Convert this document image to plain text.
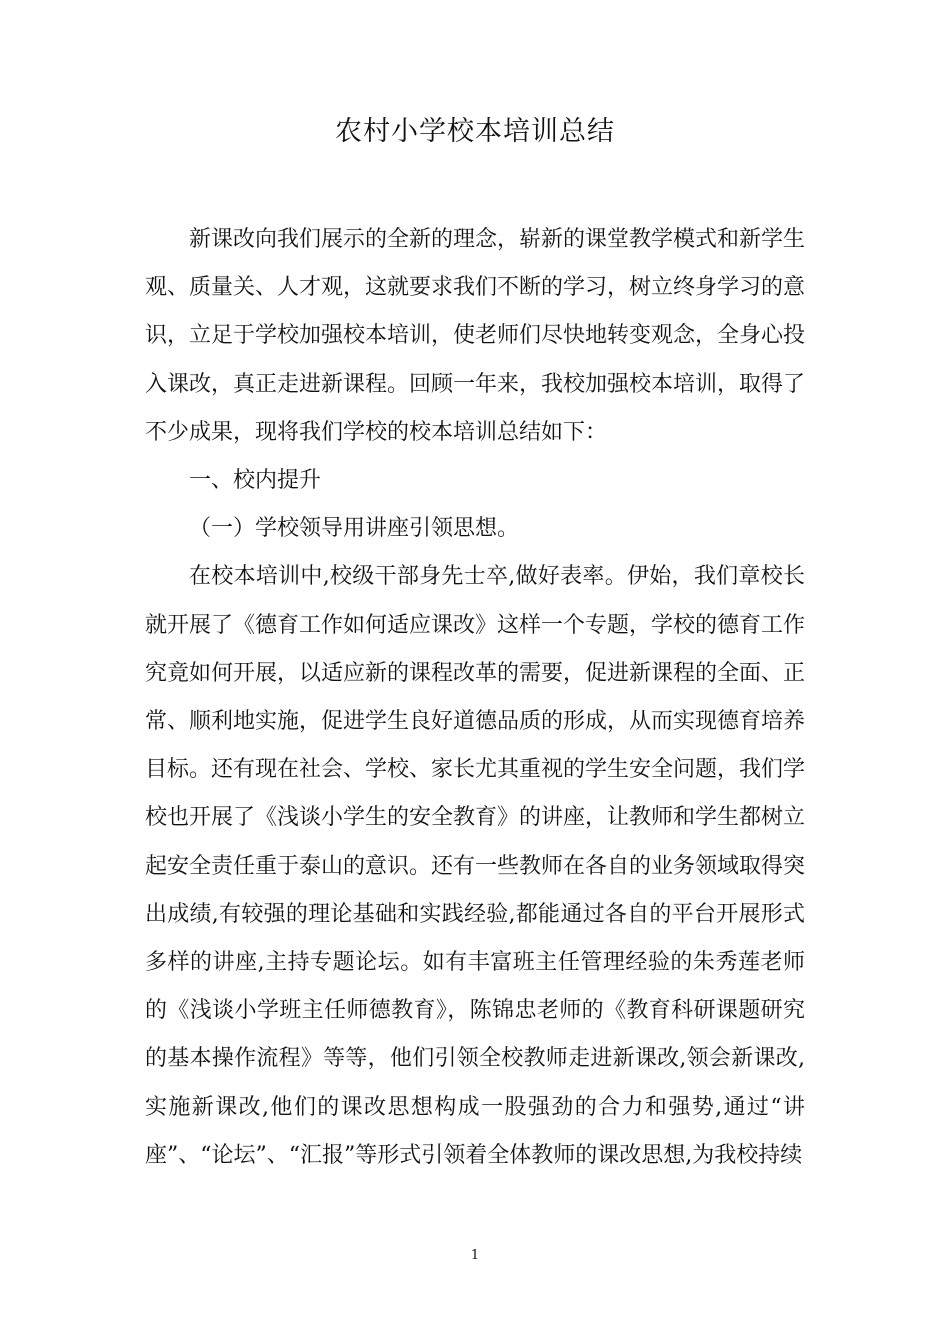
农村小学校本培训总结

新课改向我们展示的全新的理念，崭新的课堂教学模式和新学生观、质量关、人才观，这就要求我们不断的学习，树立终身学习的意识，立足于学校加强校本培训，使老师们尽快地转变观念，全身心投入课改，真正走进新课程。回顾一年来，我校加强校本培训，取得了不少成果，现将我们学校的校本培训总结如下：

一、校内提升

（一）学校领导用讲座引领思想。

在校本培训中,校级干部身先士卒,做好表率。伊始，我们章校长就开展了《德育工作如何适应课改》这样一个专题，学校的德育工作究竟如何开展，以适应新的课程改革的需要，促进新课程的全面、正常、顺利地实施，促进学生良好道德品质的形成，从而实现德育培养目标。还有现在社会、学校、家长尤其重视的学生安全问题，我们学校也开展了《浅谈小学生的安全教育》的讲座，让教师和学生都树立起安全责任重于泰山的意识。还有一些教师在各自的业务领域取得突出成绩,有较强的理论基础和实践经验,都能通过各自的平台开展形式多样的讲座,主持专题论坛。如有丰富班主任管理经验的朱秀莲老师的《浅谈小学班主任师德教育》，陈锦忠老师的《教育科研课题研究的基本操作流程》等等，他们引领全校教师走进新课改,领会新课改,实施新课改,他们的课改思想构成一股强劲的合力和强势,通过“讲座”、“论坛”、“汇报”等形式引领着全体教师的课改思想,为我校持续

1
